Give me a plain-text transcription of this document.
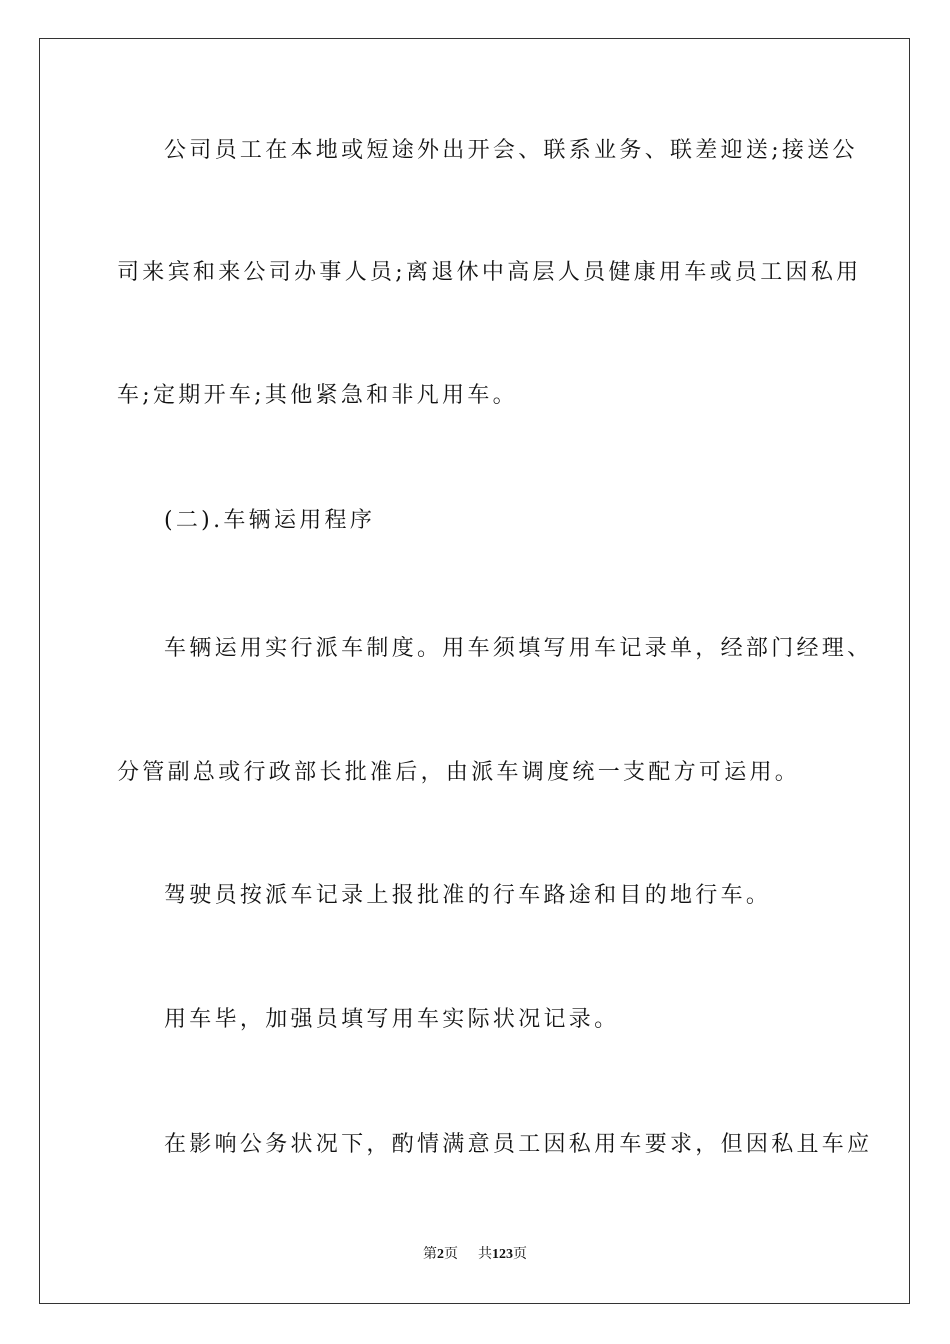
公司员工在本地或短途外出开会、联系业务、联差迎送;接送公
司来宾和来公司办事人员;离退休中高层人员健康用车或员工因私用
车;定期开车;其他紧急和非凡用车。
(二).车辆运用程序
车辆运用实行派车制度。用车须填写用车记录单，经部门经理、
分管副总或行政部长批准后，由派车调度统一支配方可运用。
驾驶员按派车记录上报批准的行车路途和目的地行车。
用车毕，加强员填写用车实际状况记录。
在影响公务状况下，酌情满意员工因私用车要求，但因私且车应
第2页 共123页
